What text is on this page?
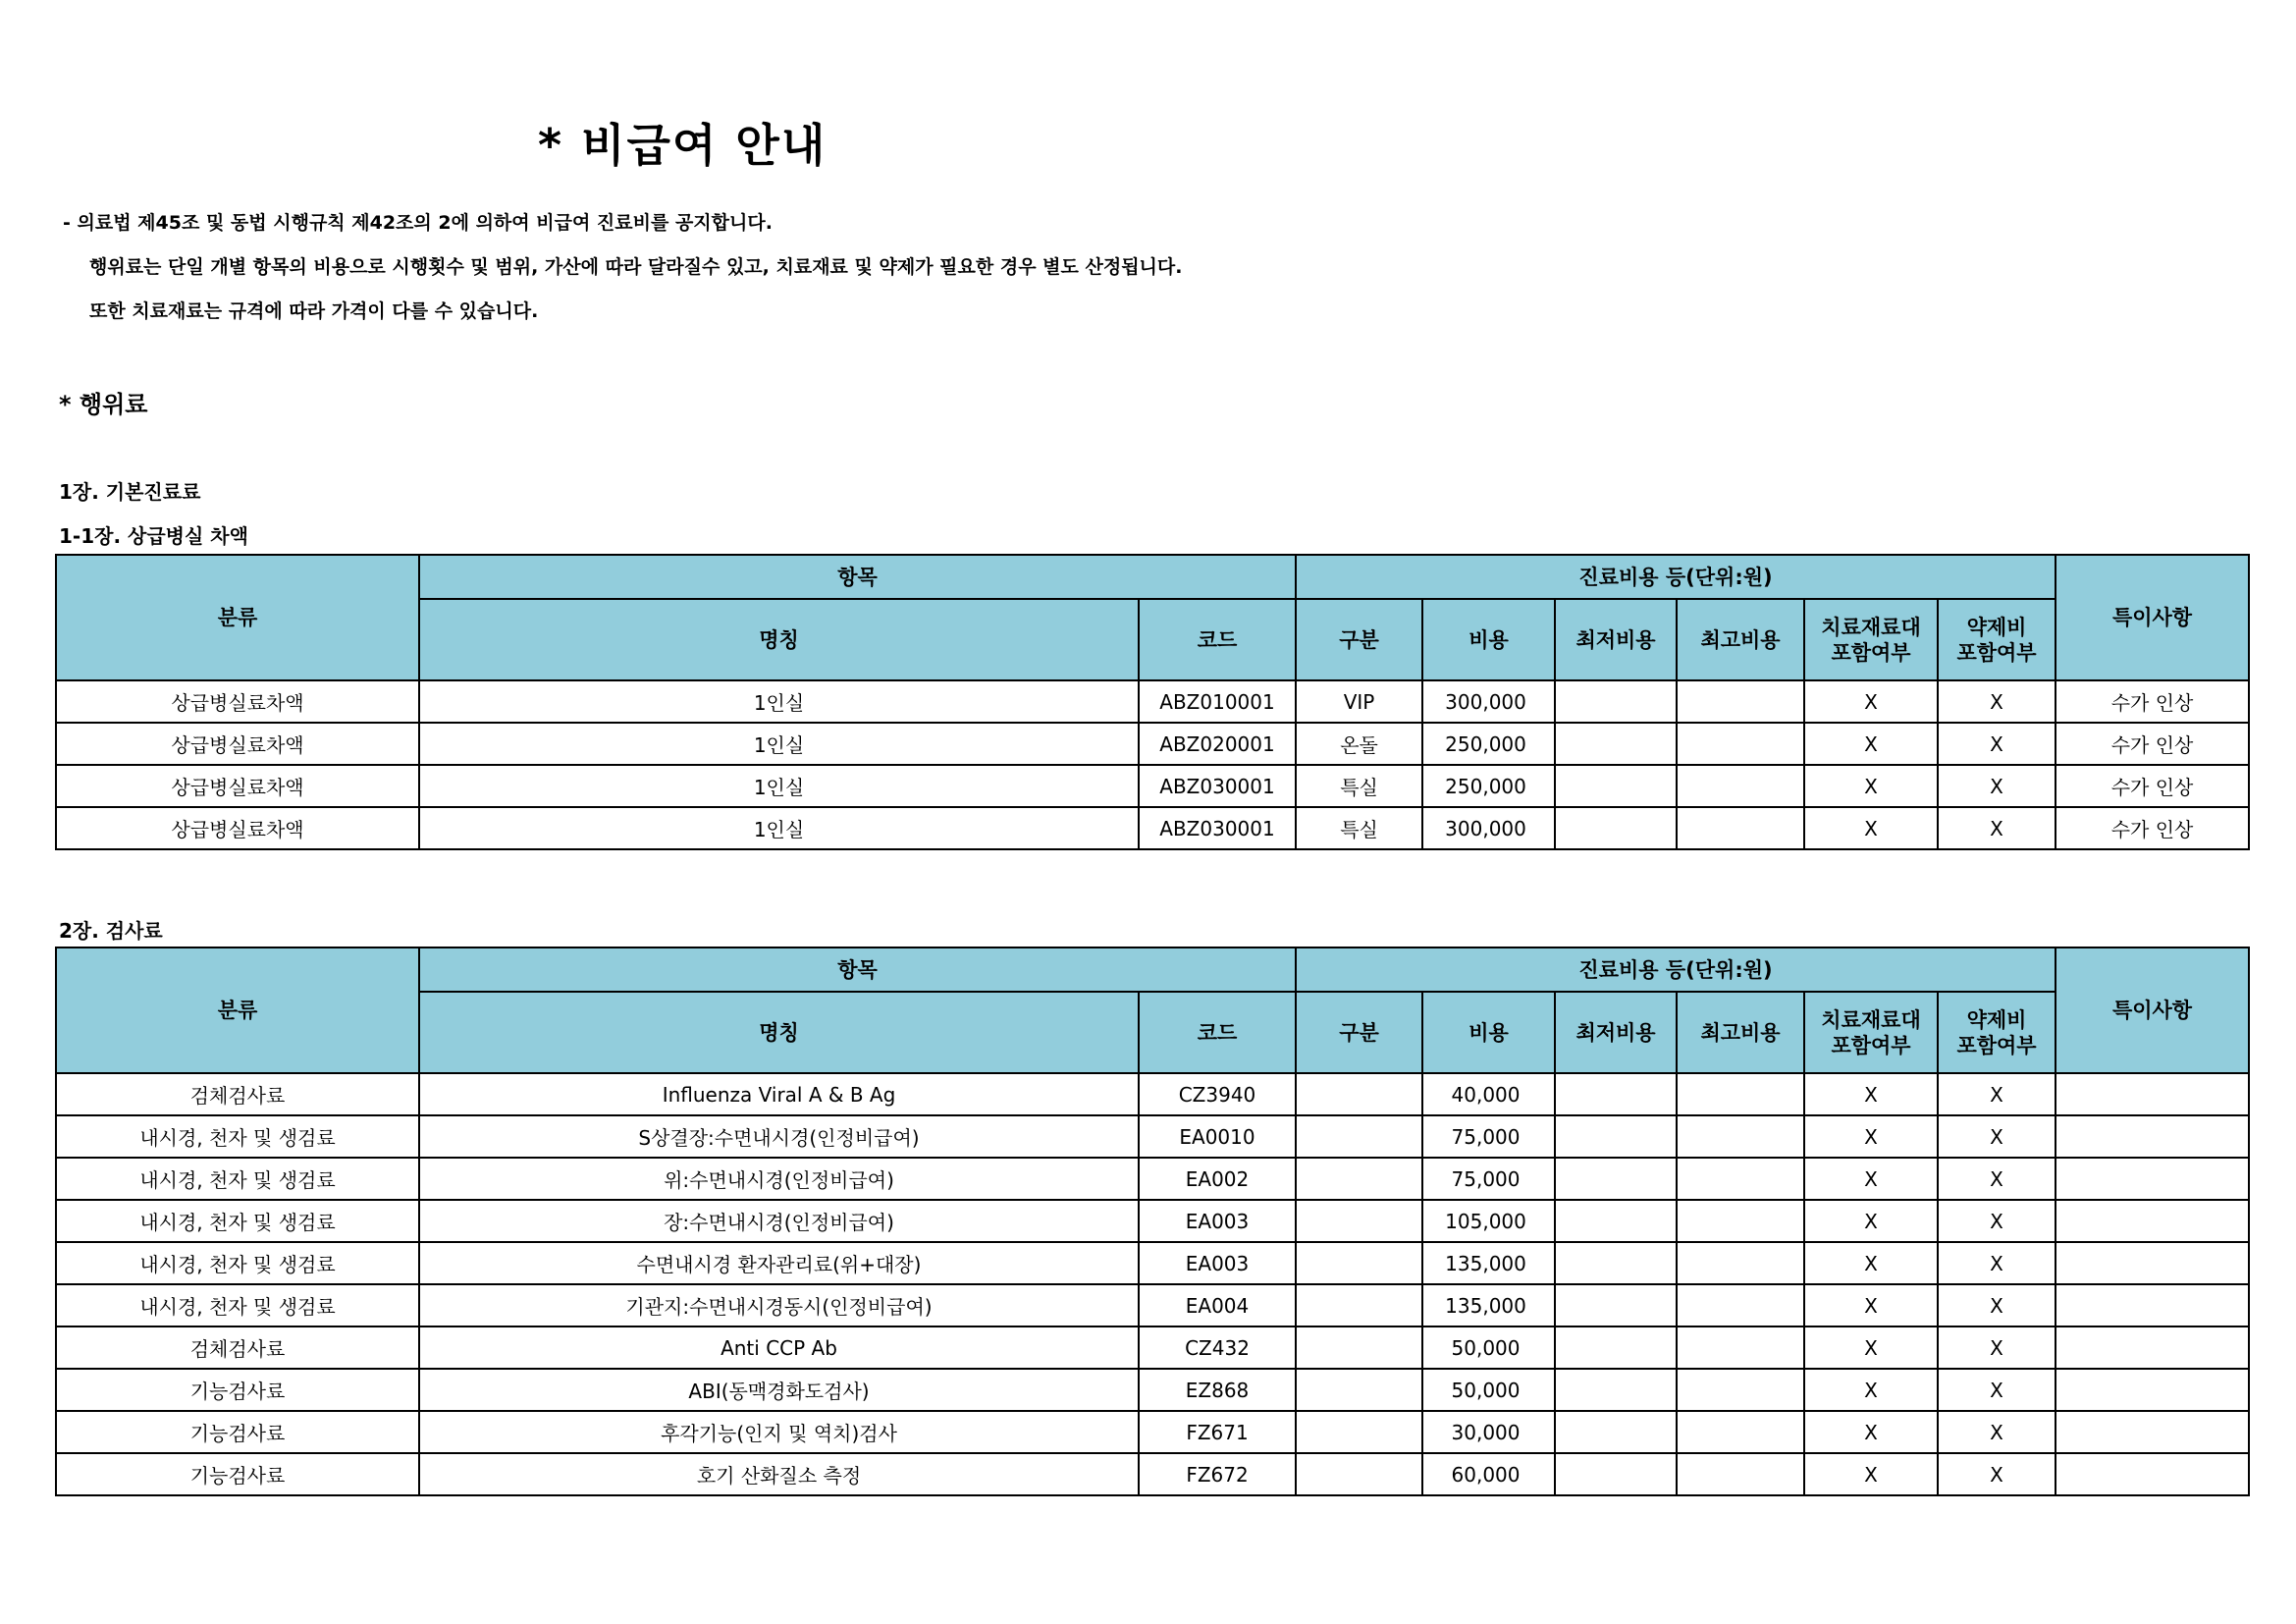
* 비급여 안내
- 의료법 제45조 및 동법 시행규칙 제42조의 2에 의하여 비급여 진료비를 공지합니다.
행위료는 단일 개별 항목의 비용으로 시행횟수 및 범위, 가산에 따라 달라질수 있고, 치료재료 및 약제가 필요한 경우 별도 산정됩니다.
또한 치료재료는 규격에 따라 가격이 다를 수 있습니다.
* 행위료
1장. 기본진료료
1-1장. 상급병실 차액
분류	항목		진료비용 등(단위:원)						특이사항
	명칭	코드	구분	비용	최저비용	최고비용	치료재료대
포함여부	약제비
포함여부	
상급병실료차액	1인실	ABZ010001	VIP	300,000			X	X	수가 인상
상급병실료차액	1인실	ABZ020001	온돌	250,000			X	X	수가 인상
상급병실료차액	1인실	ABZ030001	특실	250,000			X	X	수가 인상
상급병실료차액	1인실	ABZ030001	특실	300,000			X	X	수가 인상
2장. 검사료
분류	항목		진료비용 등(단위:원)						특이사항
	명칭	코드	구분	비용	최저비용	최고비용	치료재료대
포함여부	약제비
포함여부	
검체검사료	Influenza Viral A & B Ag	CZ3940		40,000			X	X	
내시경, 천자 및 생검료	S상결장:수면내시경(인정비급여)	EA0010		75,000			X	X	
내시경, 천자 및 생검료	위:수면내시경(인정비급여)	EA002		75,000			X	X	
내시경, 천자 및 생검료	장:수면내시경(인정비급여)	EA003		105,000			X	X	
내시경, 천자 및 생검료	수면내시경 환자관리료(위+대장)	EA003		135,000			X	X	
내시경, 천자 및 생검료	기관지:수면내시경동시(인정비급여)	EA004		135,000			X	X	
검체검사료	Anti CCP Ab	CZ432		50,000			X	X	
기능검사료	ABI(동맥경화도검사)	EZ868		50,000			X	X	
기능검사료	후각기능(인지 및 역치)검사	FZ671		30,000			X	X	
기능검사료	호기 산화질소 측정	FZ672		60,000			X	X	
